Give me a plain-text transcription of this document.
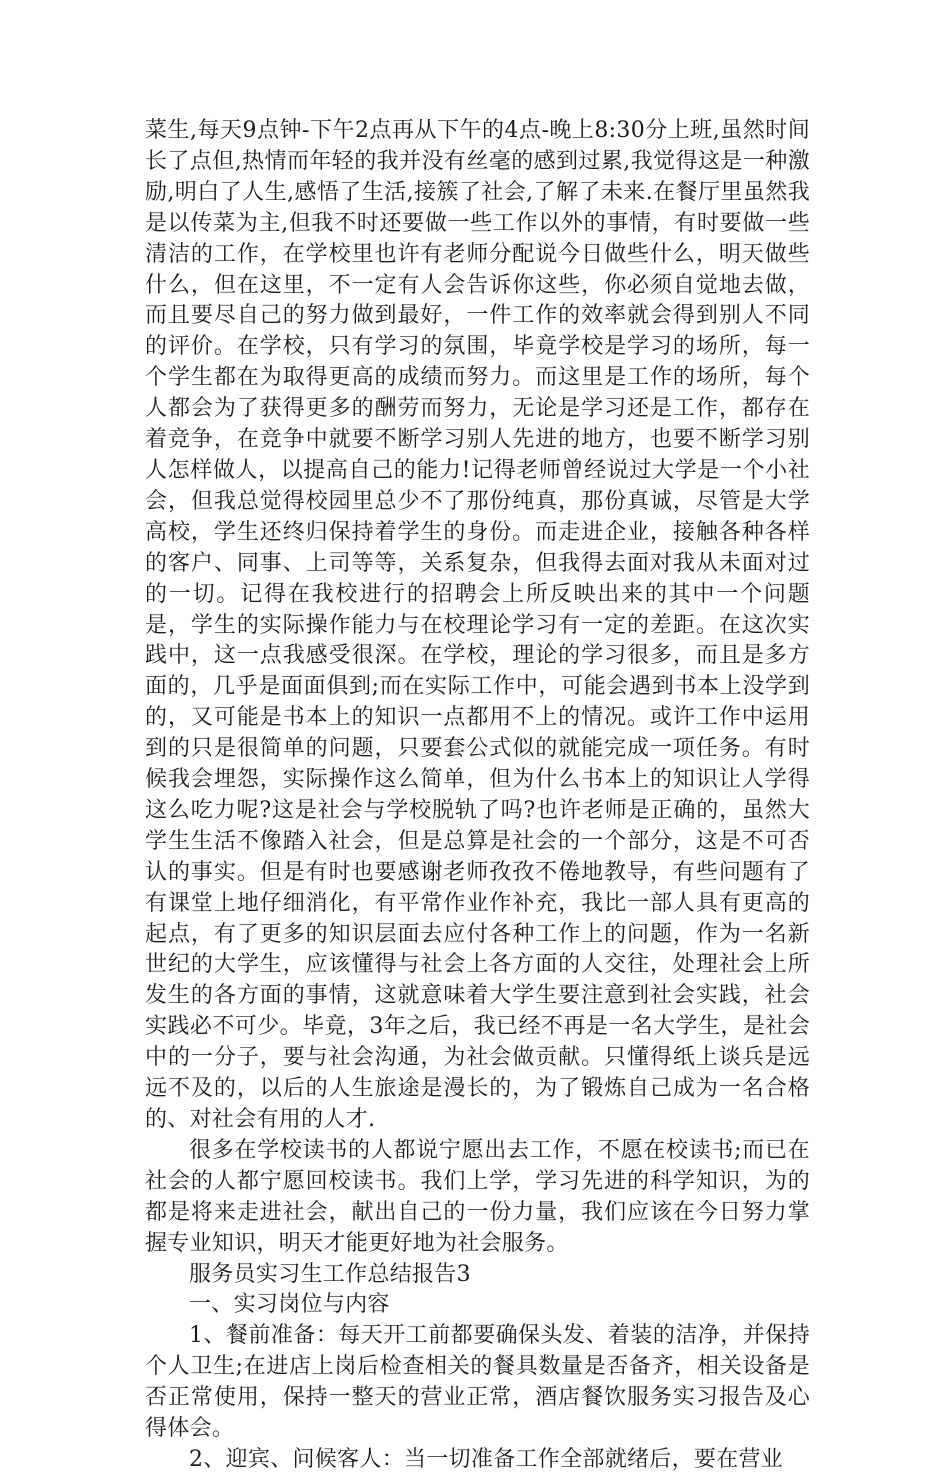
菜生,每天9点钟-下午2点再从下午的4点-晚上8:30分上班,虽然时间长了点但,热情而年轻的我并没有丝毫的感到过累,我觉得这是一种激励,明白了人生,感悟了生活,接簇了社会,了解了未来.在餐厅里虽然我是以传菜为主,但我不时还要做一些工作以外的事情，有时要做一些清洁的工作，在学校里也许有老师分配说今日做些什么，明天做些什么，但在这里，不一定有人会告诉你这些，你必须自觉地去做，而且要尽自己的努力做到最好，一件工作的效率就会得到别人不同的评价。在学校，只有学习的氛围，毕竟学校是学习的场所，每一个学生都在为取得更高的成绩而努力。而这里是工作的场所，每个人都会为了获得更多的酬劳而努力，无论是学习还是工作，都存在着竞争，在竞争中就要不断学习别人先进的地方，也要不断学习别人怎样做人，以提高自己的能力!记得老师曾经说过大学是一个小社会，但我总觉得校园里总少不了那份纯真，那份真诚，尽管是大学高校，学生还终归保持着学生的身份。而走进企业，接触各种各样的客户、同事、上司等等，关系复杂，但我得去面对我从未面对过的一切。记得在我校进行的招聘会上所反映出来的其中一个问题是，学生的实际操作能力与在校理论学习有一定的差距。在这次实践中，这一点我感受很深。在学校，理论的学习很多，而且是多方面的，几乎是面面俱到;而在实际工作中，可能会遇到书本上没学到的，又可能是书本上的知识一点都用不上的情况。或许工作中运用到的只是很简单的问题，只要套公式似的就能完成一项任务。有时候我会埋怨，实际操作这么简单，但为什么书本上的知识让人学得这么吃力呢?这是社会与学校脱轨了吗?也许老师是正确的，虽然大学生生活不像踏入社会，但是总算是社会的一个部分，这是不可否认的事实。但是有时也要感谢老师孜孜不倦地教导，有些问题有了有课堂上地仔细消化，有平常作业作补充，我比一部人具有更高的起点，有了更多的知识层面去应付各种工作上的问题，作为一名新世纪的大学生，应该懂得与社会上各方面的人交往，处理社会上所发生的各方面的事情，这就意味着大学生要注意到社会实践，社会实践必不可少。毕竟，3年之后，我已经不再是一名大学生，是社会中的一分子，要与社会沟通，为社会做贡献。只懂得纸上谈兵是远远不及的，以后的人生旅途是漫长的，为了锻炼自己成为一名合格的、对社会有用的人才.

很多在学校读书的人都说宁愿出去工作，不愿在校读书;而已在社会的人都宁愿回校读书。我们上学，学习先进的科学知识，为的都是将来走进社会，献出自己的一份力量，我们应该在今日努力掌握专业知识，明天才能更好地为社会服务。

服务员实习生工作总结报告3

一、实习岗位与内容

1、餐前准备：每天开工前都要确保头发、着装的洁净，并保持个人卫生;在进店上岗后检查相关的餐具数量是否备齐，相关设备是否正常使用，保持一整天的营业正常，酒店餐饮服务实习报告及心得体会。

2、迎宾、问候客人：当一切准备工作全部就绪后，要在营业
